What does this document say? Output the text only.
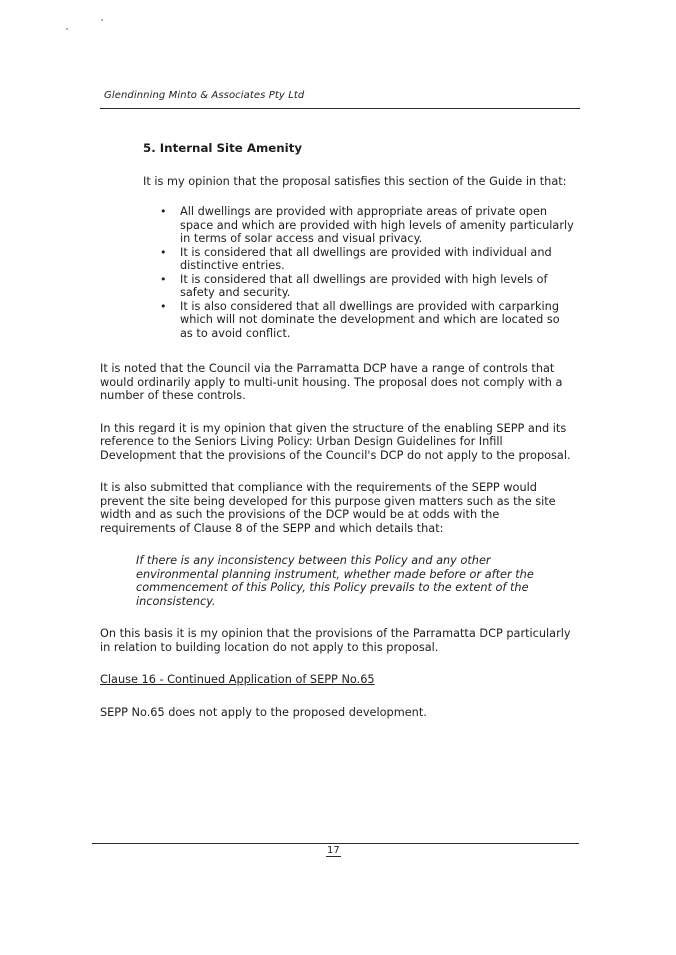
Glendinning Minto & Associates Pty Ltd
5. Internal Site Amenity
It is my opinion that the proposal satisfies this section of the Guide in that:
• All dwellings are provided with appropriate areas of private open space and which are provided with high levels of amenity particularly in terms of solar access and visual privacy.
• It is considered that all dwellings are provided with individual and distinctive entries.
• It is considered that all dwellings are provided with high levels of safety and security.
• It is also considered that all dwellings are provided with carparking which will not dominate the development and which are located so as to avoid conflict.

It is noted that the Council via the Parramatta DCP have a range of controls that would ordinarily apply to multi-unit housing. The proposal does not comply with a number of these controls.

In this regard it is my opinion that given the structure of the enabling SEPP and its reference to the Seniors Living Policy: Urban Design Guidelines for Infill Development that the provisions of the Council's DCP do not apply to the proposal.

It is also submitted that compliance with the requirements of the SEPP would prevent the site being developed for this purpose given matters such as the site width and as such the provisions of the DCP would be at odds with the requirements of Clause 8 of the SEPP and which details that:

If there is any inconsistency between this Policy and any other environmental planning instrument, whether made before or after the commencement of this Policy, this Policy prevails to the extent of the inconsistency.

On this basis it is my opinion that the provisions of the Parramatta DCP particularly in relation to building location do not apply to this proposal.

Clause 16 - Continued Application of SEPP No.65

SEPP No.65 does not apply to the proposed development.

17
